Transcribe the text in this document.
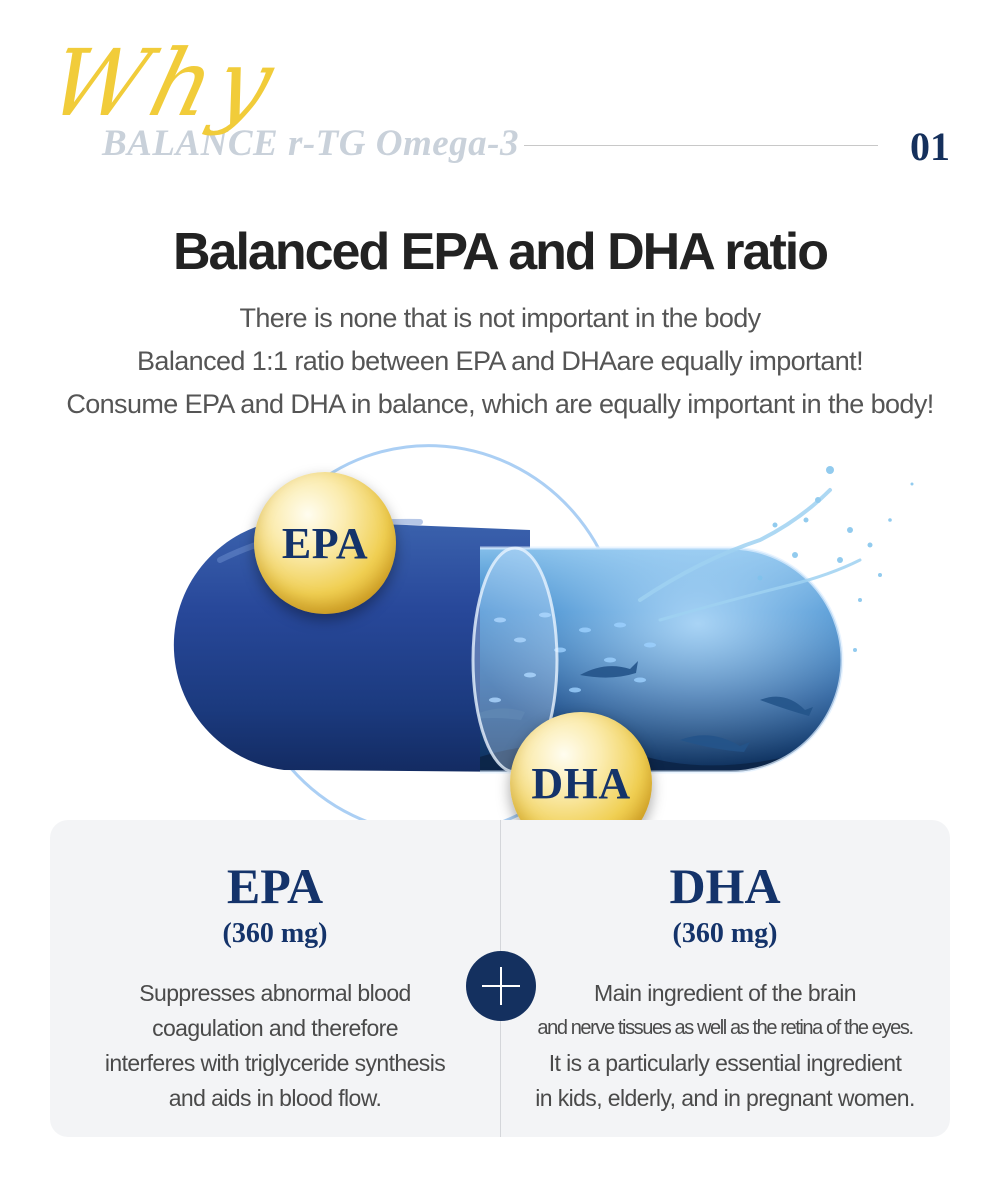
Why
BALANCE r-TG Omega-3	01
Balanced EPA and DHA ratio

There is none that is not important in the body

Balanced 1:1 ratio between EPA and DHAare equally important!

Consume EPA and DHA in balance, which are equally important in the body!

EPA
DHA
EPA
(360 mg)

Suppresses abnormal blood

coagulation and therefore

interferes with triglyceride synthesis

and aids in blood flow.

DHA
(360 mg)

Main ingredient of the brain

and nerve tissues as well as the retina of the eyes.

It is a particularly essential ingredient

in kids, elderly, and in pregnant women.
